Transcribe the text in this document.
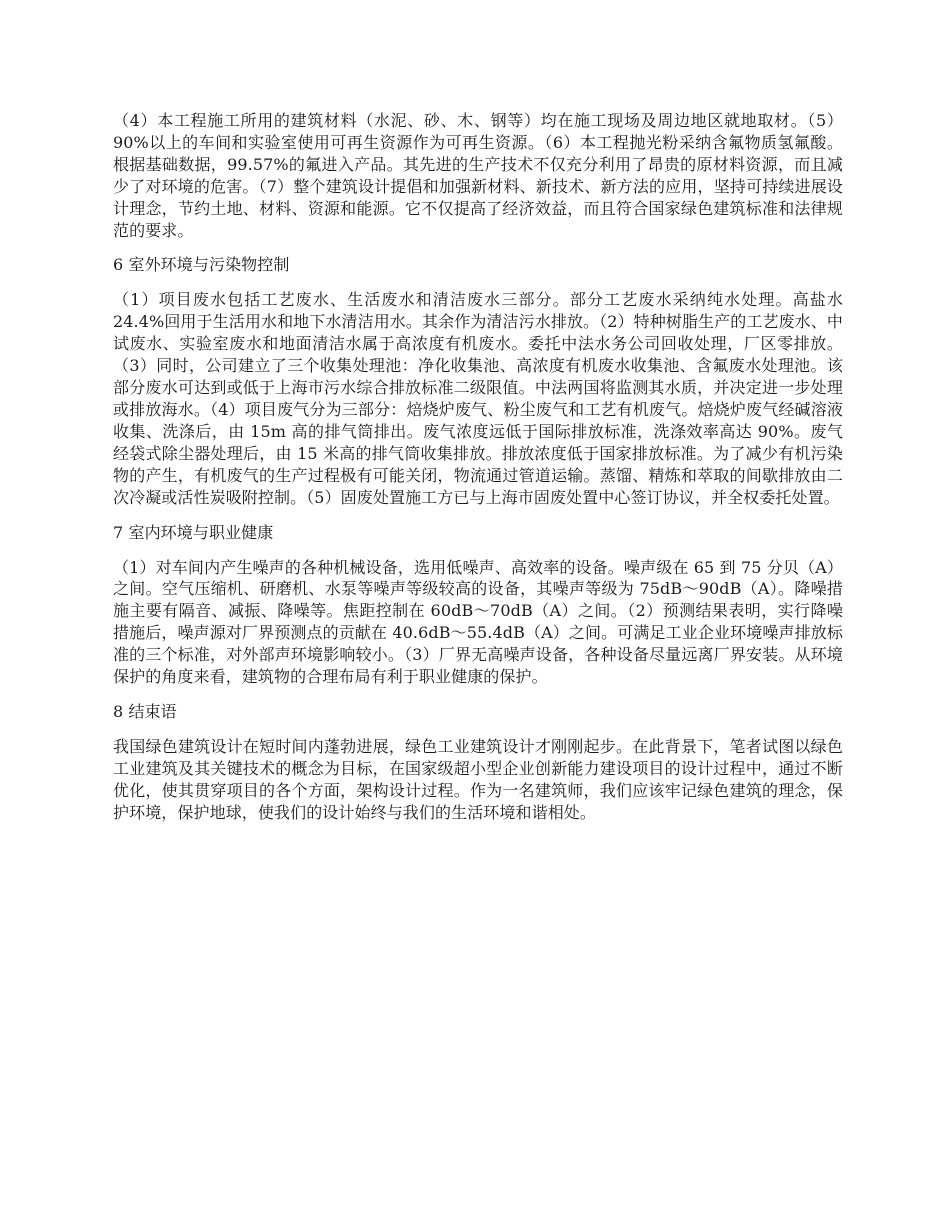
（4）本工程施工所用的建筑材料（水泥、砂、木、钢等）均在施工现场及周边地区就地取材。（5）90%以上的车间和实验室使用可再生资源作为可再生资源。（6）本工程抛光粉采纳含氟物质氢氟酸。根据基础数据，99.57%的氟进入产品。其先进的生产技术不仅充分利用了昂贵的原材料资源，而且减少了对环境的危害。（7）整个建筑设计提倡和加强新材料、新技术、新方法的应用，坚持可持续进展设计理念，节约土地、材料、资源和能源。它不仅提高了经济效益，而且符合国家绿色建筑标准和法律规范的要求。

6 室外环境与污染物控制

（1）项目废水包括工艺废水、生活废水和清洁废水三部分。部分工艺废水采纳纯水处理。高盐水 24.4%回用于生活用水和地下水清洁用水。其余作为清洁污水排放。（2）特种树脂生产的工艺废水、中试废水、实验室废水和地面清洁水属于高浓度有机废水。委托中法水务公司回收处理，厂区零排放。（3）同时，公司建立了三个收集处理池：净化收集池、高浓度有机废水收集池、含氟废水处理池。该部分废水可达到或低于上海市污水综合排放标准二级限值。中法两国将监测其水质，并决定进一步处理或排放海水。（4）项目废气分为三部分：焙烧炉废气、粉尘废气和工艺有机废气。焙烧炉废气经碱溶液收集、洗涤后，由 15m 高的排气筒排出。废气浓度远低于国际排放标准，洗涤效率高达 90%。废气经袋式除尘器处理后，由 15 米高的排气筒收集排放。排放浓度低于国家排放标准。为了减少有机污染物的产生，有机废气的生产过程极有可能关闭，物流通过管道运输。蒸馏、精炼和萃取的间歇排放由二次冷凝或活性炭吸附控制。（5）固废处置施工方已与上海市固废处置中心签订协议，并全权委托处置。

7 室内环境与职业健康

（1）对车间内产生噪声的各种机械设备，选用低噪声、高效率的设备。噪声级在 65 到 75 分贝（A）之间。空气压缩机、研磨机、水泵等噪声等级较高的设备，其噪声等级为 75dB～90dB（A）。降噪措施主要有隔音、减振、降噪等。焦距控制在 60dB～70dB（A）之间。（2）预测结果表明，实行降噪措施后，噪声源对厂界预测点的贡献在 40.6dB～55.4dB（A）之间。可满足工业企业环境噪声排放标准的三个标准，对外部声环境影响较小。（3）厂界无高噪声设备，各种设备尽量远离厂界安装。从环境保护的角度来看，建筑物的合理布局有利于职业健康的保护。

8 结束语

我国绿色建筑设计在短时间内蓬勃进展，绿色工业建筑设计才刚刚起步。在此背景下，笔者试图以绿色工业建筑及其关键技术的概念为目标，在国家级超小型企业创新能力建设项目的设计过程中，通过不断优化，使其贯穿项目的各个方面，架构设计过程。作为一名建筑师，我们应该牢记绿色建筑的理念，保护环境，保护地球，使我们的设计始终与我们的生活环境和谐相处。
